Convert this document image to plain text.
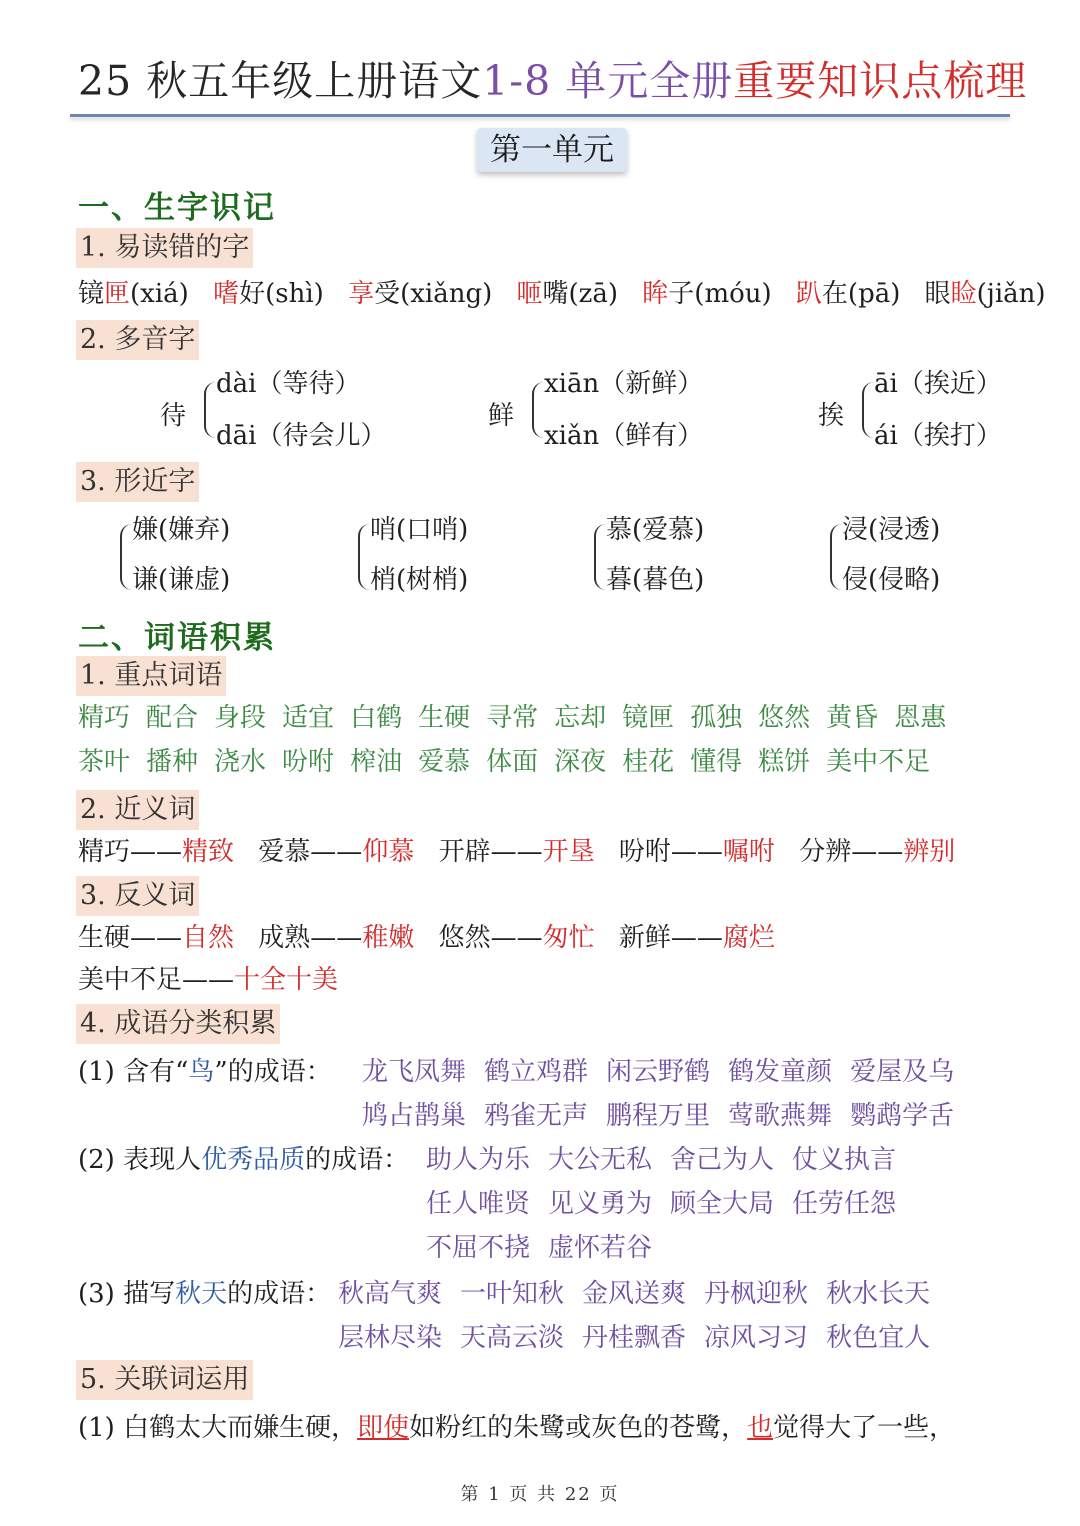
25 秋五年级上册语文1-8 单元全册重要知识点梳理
第一单元
一、生字识记
1. 易读错的字
镜匣(xiá) 嗜好(shì) 享受(xiǎng) 咂嘴(zā) 眸子(móu) 趴在(pā) 眼睑(jiǎn)
2. 多音字
待
dài（等待）
dāi（待会儿）
鲜
xiān（新鲜）
xiǎn（鲜有）
挨
āi（挨近）
ái（挨打）
3. 形近字
嫌(嫌弃)
谦(谦虚)
哨(口哨)
梢(树梢)
慕(爱慕)
暮(暮色)
浸(浸透)
侵(侵略)
二、词语积累
1. 重点词语
精巧 配合 身段 适宜 白鹤 生硬 寻常 忘却 镜匣 孤独 悠然 黄昏 恩惠
茶叶 播种 浇水 吩咐 榨油 爱慕 体面 深夜 桂花 懂得 糕饼 美中不足
2. 近义词
精巧——精致 爱慕——仰慕 开辟——开垦 吩咐——嘱咐 分辨——辨别
3. 反义词
生硬——自然 成熟——稚嫩 悠然——匆忙 新鲜——腐烂
美中不足——十全十美
4. 成语分类积累
(1) 含有“鸟”的成语： 龙飞凤舞 鹤立鸡群 闲云野鹤 鹤发童颜 爱屋及乌
鸠占鹊巢 鸦雀无声 鹏程万里 莺歌燕舞 鹦鹉学舌
(2) 表现人优秀品质的成语： 助人为乐 大公无私 舍己为人 仗义执言
任人唯贤 见义勇为 顾全大局 任劳任怨
不屈不挠 虚怀若谷
(3) 描写秋天的成语： 秋高气爽 一叶知秋 金风送爽 丹枫迎秋 秋水长天
层林尽染 天高云淡 丹桂飘香 凉风习习 秋色宜人
5. 关联词运用
(1) 白鹤太大而嫌生硬，即使如粉红的朱鹭或灰色的苍鹭，也觉得大了一些，
第 1 页 共 22 页
